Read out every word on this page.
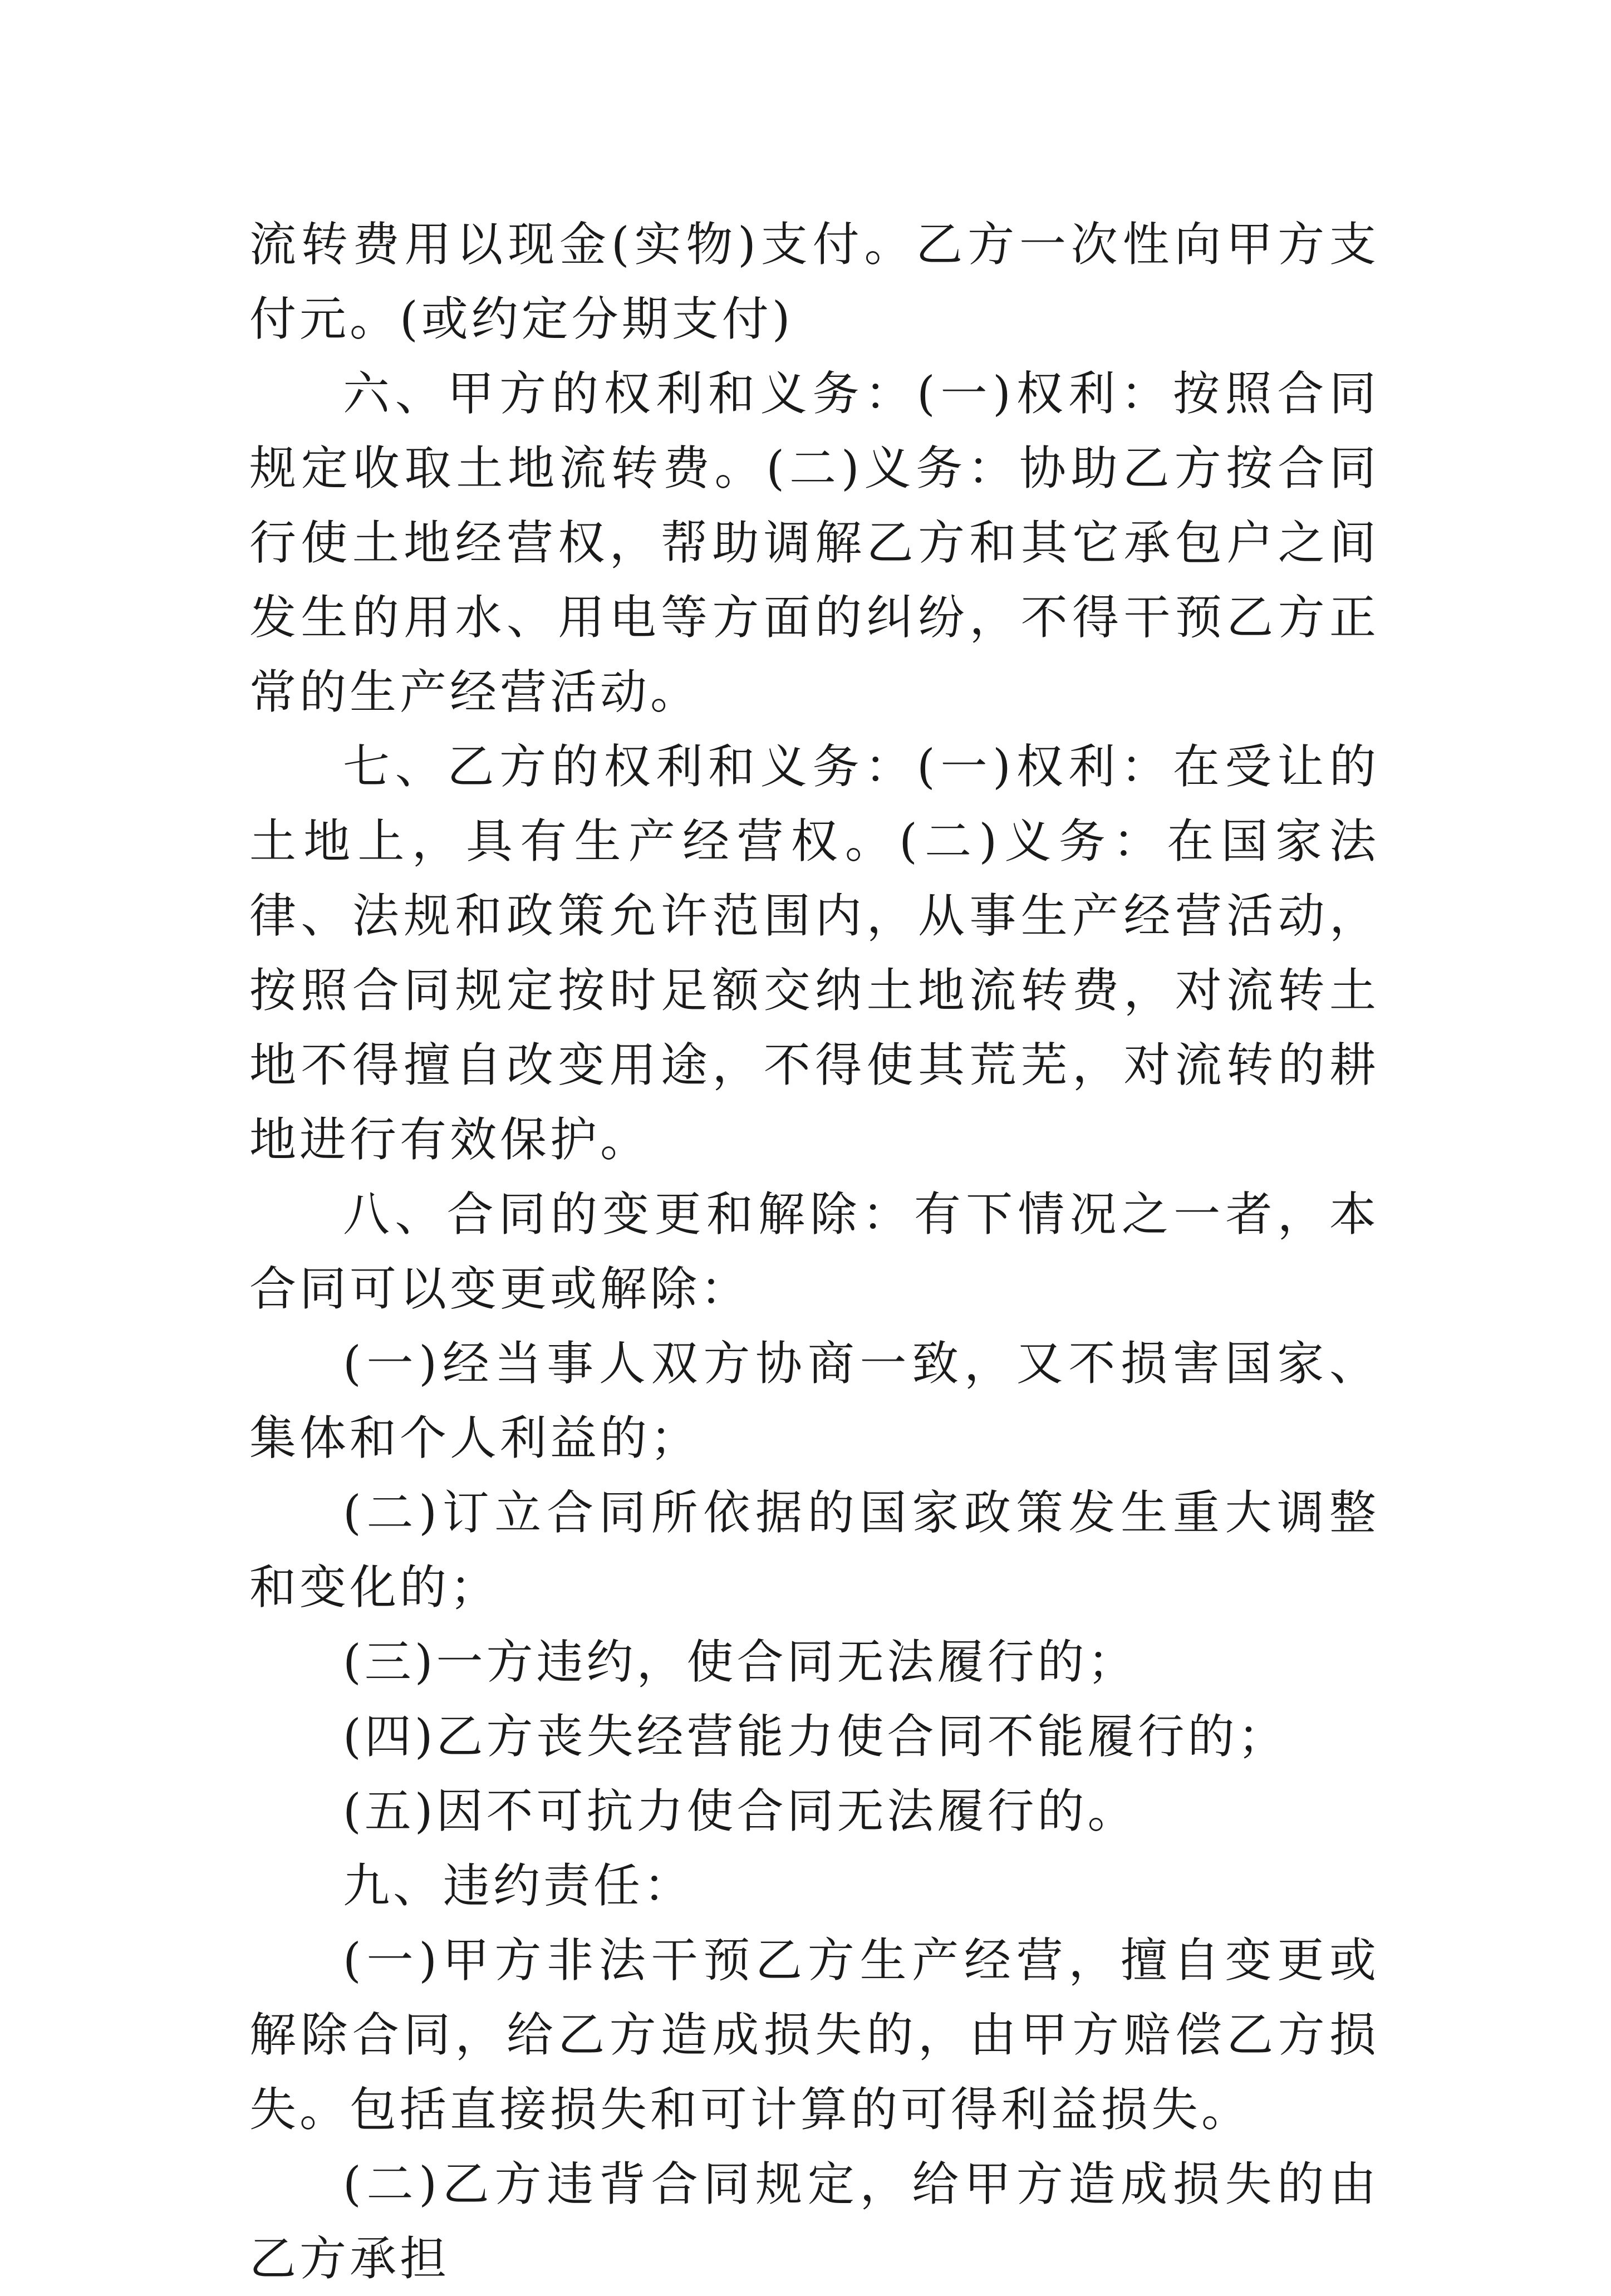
流转费用以现金(实物)支付。乙方一次性向甲方支付元。(或约定分期支付)

六、甲方的权利和义务：(一)权利：按照合同规定收取土地流转费。(二)义务：协助乙方按合同行使土地经营权，帮助调解乙方和其它承包户之间发生的用水、用电等方面的纠纷，不得干预乙方正常的生产经营活动。

七、乙方的权利和义务：(一)权利：在受让的土地上，具有生产经营权。(二)义务：在国家法律、法规和政策允许范围内，从事生产经营活动，按照合同规定按时足额交纳土地流转费，对流转土地不得擅自改变用途，不得使其荒芜，对流转的耕地进行有效保护。

八、合同的变更和解除：有下情况之一者，本合同可以变更或解除：

(一)经当事人双方协商一致，又不损害国家、集体和个人利益的；

(二)订立合同所依据的国家政策发生重大调整和变化的；

(三)一方违约，使合同无法履行的；

(四)乙方丧失经营能力使合同不能履行的；

(五)因不可抗力使合同无法履行的。

九、违约责任：

(一)甲方非法干预乙方生产经营，擅自变更或解除合同，给乙方造成损失的，由甲方赔偿乙方损失。包括直接损失和可计算的可得利益损失。

(二)乙方违背合同规定，给甲方造成损失的由乙方承担
